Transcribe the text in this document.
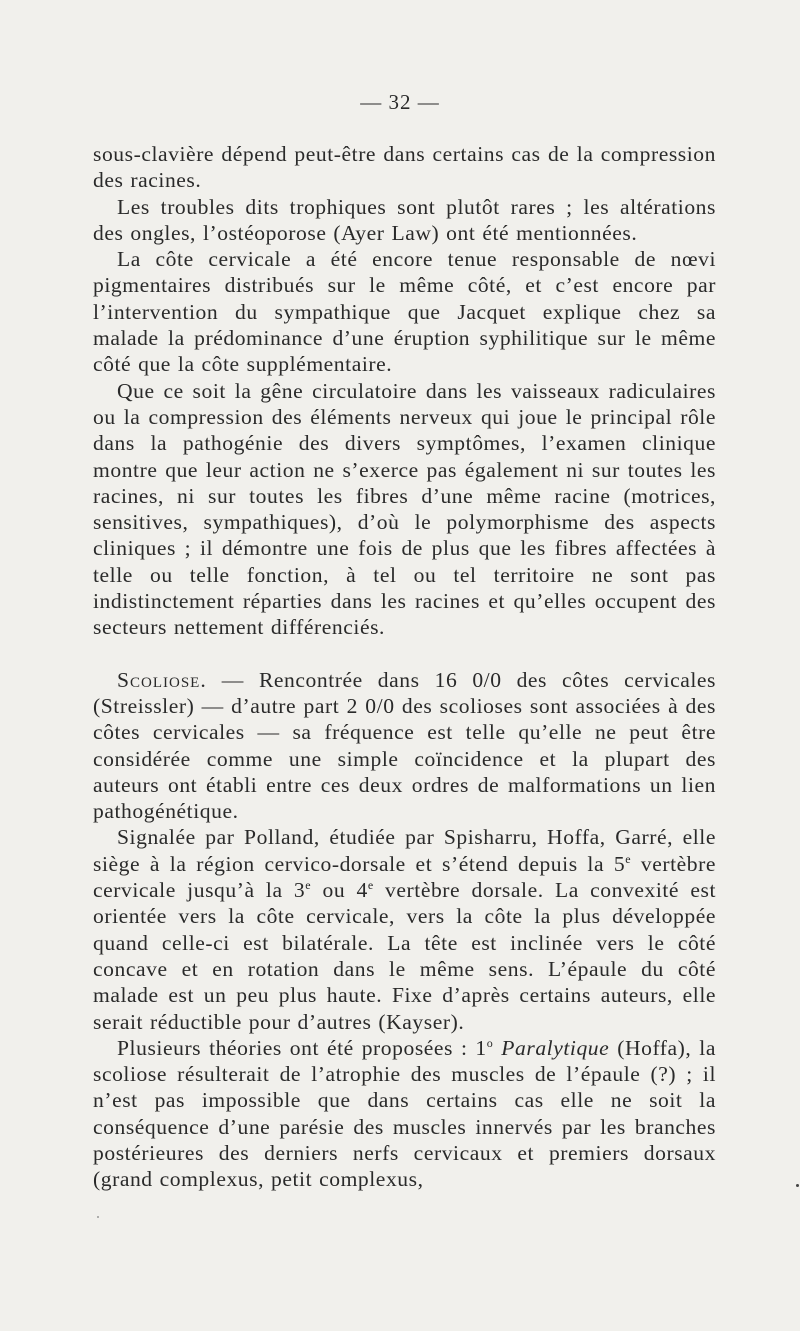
— 32 —

sous-clavière dépend peut-être dans certains cas de la compression des racines.

Les troubles dits trophiques sont plutôt rares ; les altérations des ongles, l’ostéoporose (Ayer Law) ont été mentionnées.

La côte cervicale a été encore tenue responsable de nœvi pigmentaires distribués sur le même côté, et c’est encore par l’intervention du sympathique que Jacquet explique chez sa malade la prédominance d’une éruption syphilitique sur le même côté que la côte supplémentaire.

Que ce soit la gêne circulatoire dans les vaisseaux radiculaires ou la compression des éléments nerveux qui joue le principal rôle dans la pathogénie des divers symptômes, l’examen clinique montre que leur action ne s’exerce pas également ni sur toutes les racines, ni sur toutes les fibres d’une même racine (motrices, sensitives, sympathiques), d’où le polymorphisme des aspects cliniques ; il démontre une fois de plus que les fibres affectées à telle ou telle fonction, à tel ou tel territoire ne sont pas indistinctement réparties dans les racines et qu’elles occupent des secteurs nettement différenciés.

Scoliose. — Rencontrée dans 16 0/0 des côtes cervicales (Streissler) — d’autre part 2 0/0 des scolioses sont associées à des côtes cervicales — sa fréquence est telle qu’elle ne peut être considérée comme une simple coïncidence et la plupart des auteurs ont établi entre ces deux ordres de malformations un lien pathogénétique.

Signalée par Polland, étudiée par Spisharru, Hoffa, Garré, elle siège à la région cervico-dorsale et s’étend depuis la 5e vertèbre cervicale jusqu’à la 3e ou 4e vertèbre dorsale. La convexité est orientée vers la côte cervicale, vers la côte la plus développée quand celle-ci est bilatérale. La tête est inclinée vers le côté concave et en rotation dans le même sens. L’épaule du côté malade est un peu plus haute. Fixe d’après certains auteurs, elle serait réductible pour d’autres (Kayser).

Plusieurs théories ont été proposées : 1$^o$ Paralytique (Hoffa), la scoliose résulterait de l’atrophie des muscles de l’épaule (?) ; il n’est pas impossible que dans certains cas elle ne soit la conséquence d’une parésie des muscles innervés par les branches postérieures des derniers nerfs cervicaux et premiers dorsaux (grand complexus, petit complexus,
